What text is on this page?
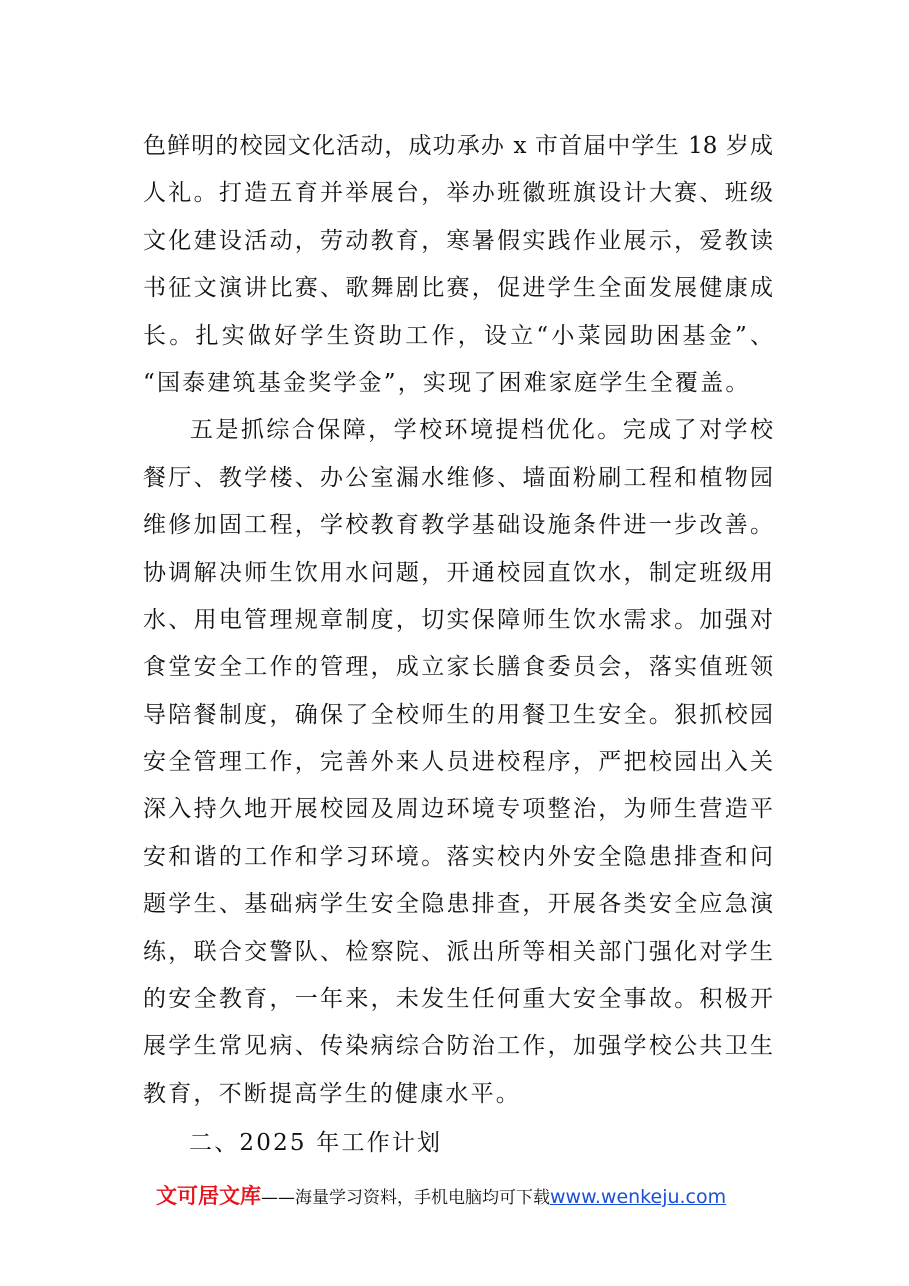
色鲜明的校园文化活动，成功承办 x 市首届中学生 18 岁成
人礼。打造五育并举展台，举办班徽班旗设计大赛、班级
文化建设活动，劳动教育，寒暑假实践作业展示，爱教读
书征文演讲比赛、歌舞剧比赛，促进学生全面发展健康成
长。扎实做好学生资助工作，设立“小菜园助困基金”、
“国泰建筑基金奖学金”，实现了困难家庭学生全覆盖。
五是抓综合保障，学校环境提档优化。完成了对学校
餐厅、教学楼、办公室漏水维修、墙面粉刷工程和植物园
维修加固工程，学校教育教学基础设施条件进一步改善。
协调解决师生饮用水问题，开通校园直饮水，制定班级用
水、用电管理规章制度，切实保障师生饮水需求。加强对
食堂安全工作的管理，成立家长膳食委员会，落实值班领
导陪餐制度，确保了全校师生的用餐卫生安全。狠抓校园
安全管理工作，完善外来人员进校程序，严把校园出入关
深入持久地开展校园及周边环境专项整治，为师生营造平
安和谐的工作和学习环境。落实校内外安全隐患排查和问
题学生、基础病学生安全隐患排查，开展各类安全应急演
练，联合交警队、检察院、派出所等相关部门强化对学生
的安全教育，一年来，未发生任何重大安全事故。积极开
展学生常见病、传染病综合防治工作，加强学校公共卫生
教育，不断提高学生的健康水平。
二、2025 年工作计划
文可居文库——海量学习资料，手机电脑均可下载www.wenkeju.com
